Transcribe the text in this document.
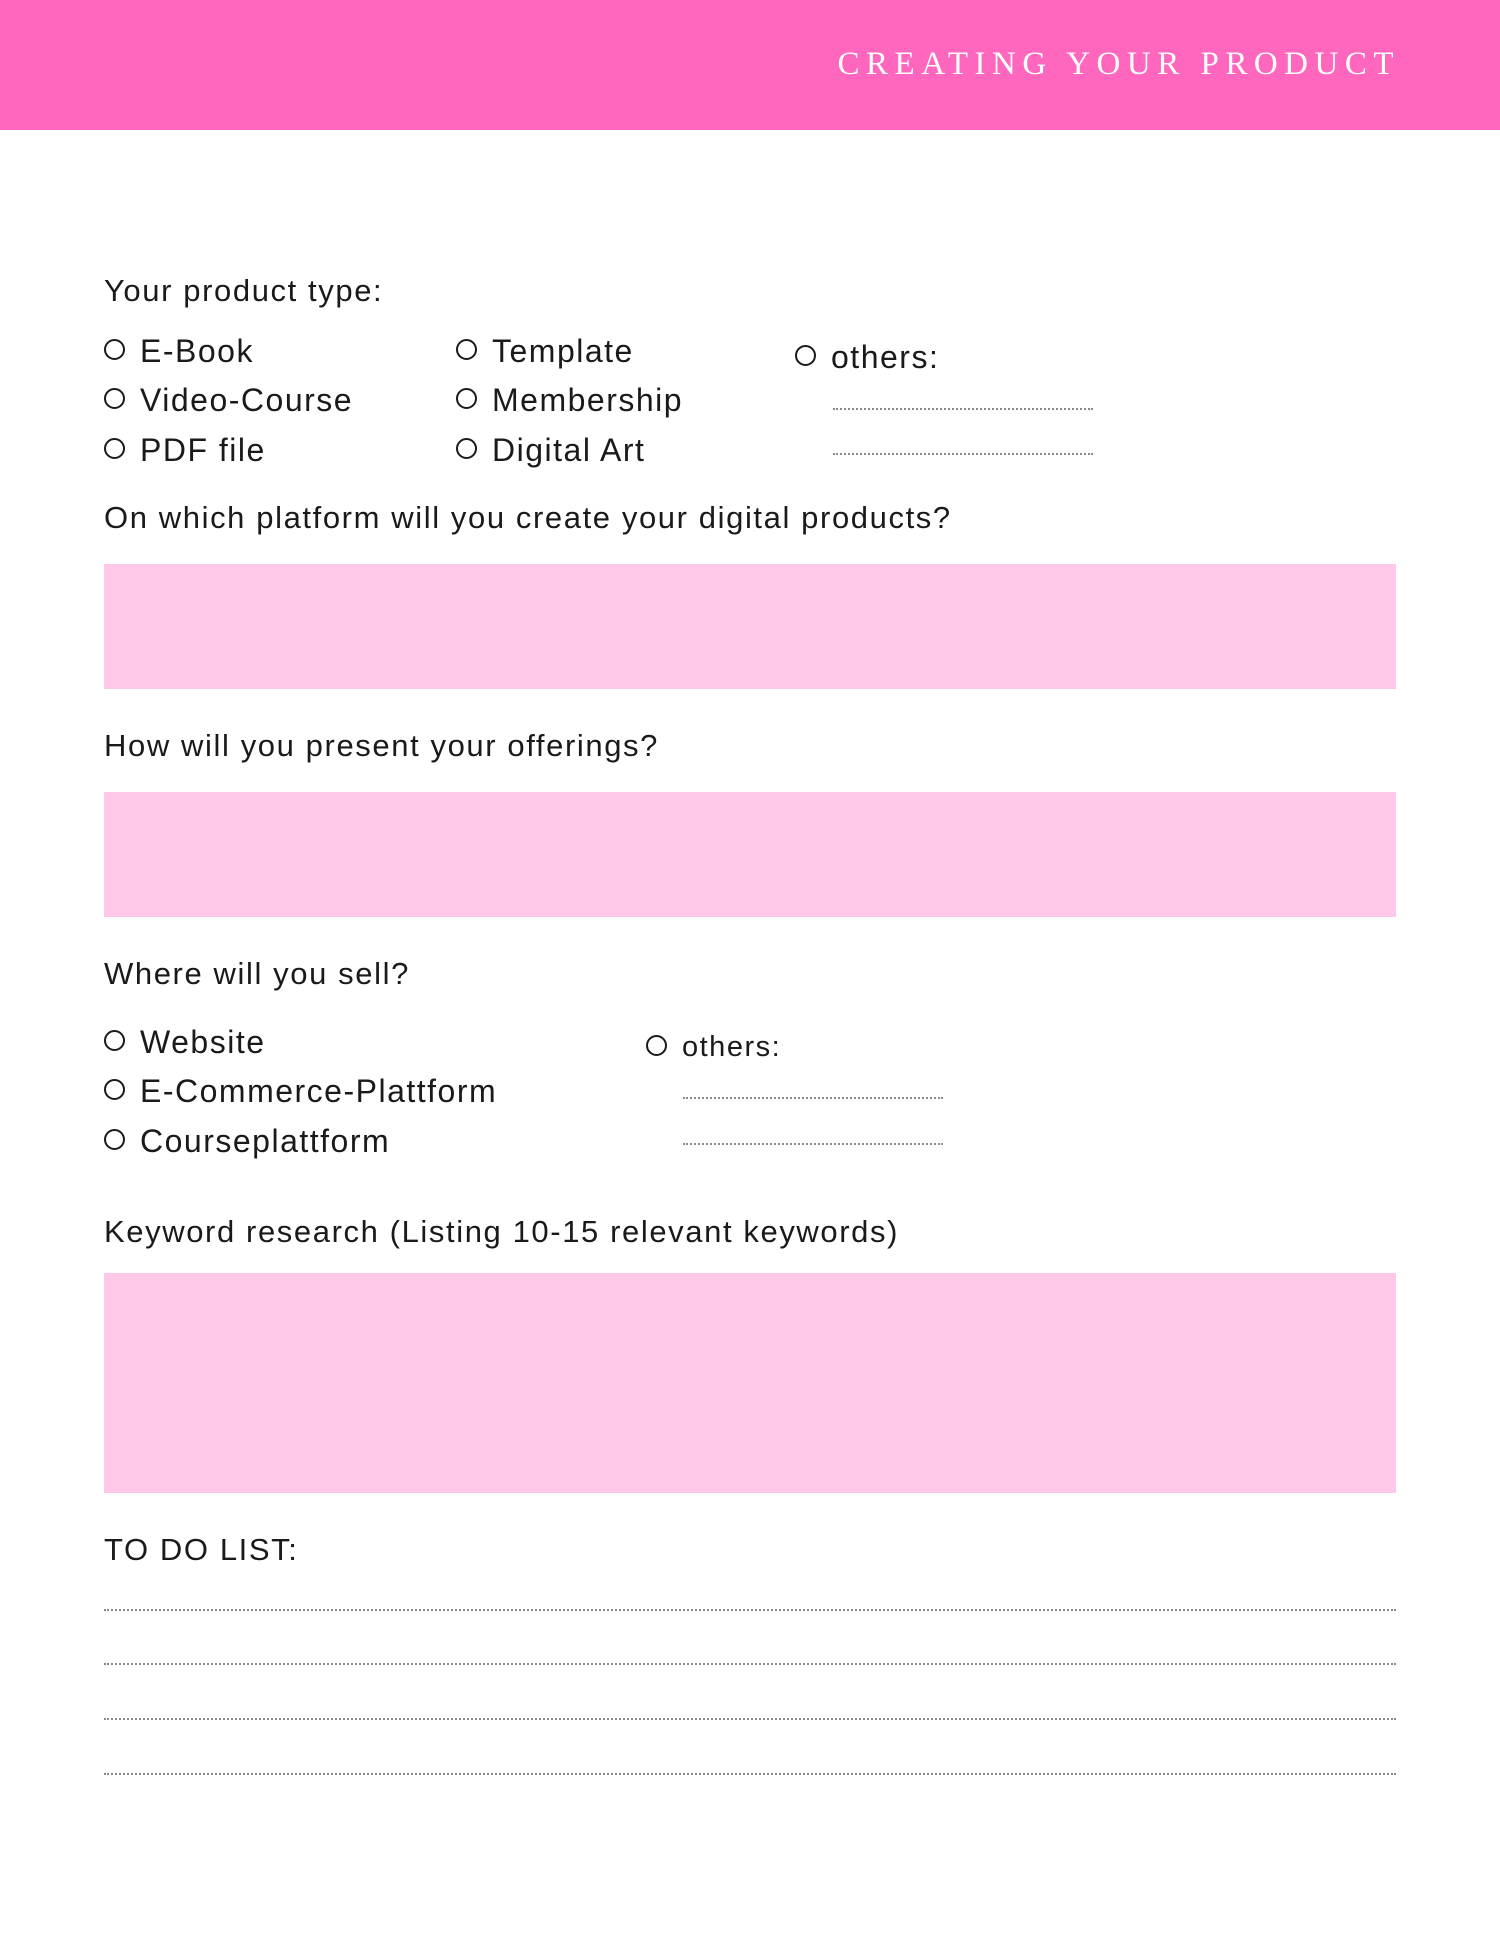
CREATING YOUR PRODUCT
Your product type:
E-Book
Video-Course
PDF file
Template
Membership
Digital Art
others:
On which platform will you create your digital products?
How will you present your offerings?
Where will you sell?
Website
E-Commerce-Plattform
Courseplattform
others:
Keyword research (Listing 10-15 relevant keywords)
TO DO LIST:
